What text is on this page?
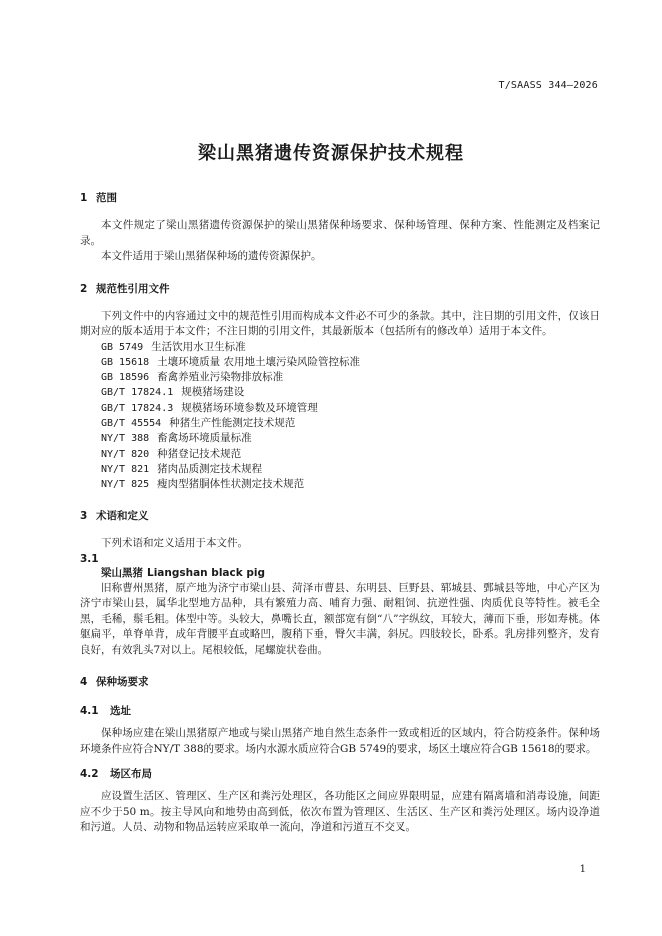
T/SAASS 344—2026
梁山黑猪遗传资源保护技术规程
1 范围

本文件规定了梁山黑猪遗传资源保护的梁山黑猪保种场要求、保种场管理、保种方案、性能测定及档案记录。

本文件适用于梁山黑猪保种场的遗传资源保护。

2 规范性引用文件

下列文件中的内容通过文中的规范性引用而构成本文件必不可少的条款。其中，注日期的引用文件，仅该日期对应的版本适用于本文件；不注日期的引用文件，其最新版本（包括所有的修改单）适用于本文件。

GB 5749 生活饮用水卫生标准
GB 15618 土壤环境质量 农用地土壤污染风险管控标准
GB 18596 畜禽养殖业污染物排放标准
GB/T 17824.1 规模猪场建设
GB/T 17824.3 规模猪场环境参数及环境管理
GB/T 45554 种猪生产性能测定技术规范
NY/T 388 畜禽场环境质量标准
NY/T 820 种猪登记技术规范
NY/T 821 猪肉品质测定技术规程
NY/T 825 瘦肉型猪胴体性状测定技术规范
3 术语和定义

下列术语和定义适用于本文件。

3.1
梁山黑猪 Liangshan black pig

旧称曹州黑猪，原产地为济宁市梁山县、菏泽市曹县、东明县、巨野县、郓城县、鄄城县等地，中心产区为济宁市梁山县，属华北型地方品种，具有繁殖力高、哺育力强、耐粗饲、抗逆性强、肉质优良等特性。被毛全黑，毛稀，鬃毛粗。体型中等。头较大，鼻嘴长直，额部宽有倒“八”字纵纹，耳较大，薄而下垂，形如寿桃。体躯扁平，单脊单背，成年背腰平直或略凹，腹稍下垂，臀欠丰满，斜尻。四肢较长，卧系。乳房排列整齐，发育良好，有效乳头7对以上。尾根较低，尾螺旋状卷曲。

4 保种场要求
4.1 选址

保种场应建在梁山黑猪原产地或与梁山黑猪产地自然生态条件一致或相近的区域内，符合防疫条件。保种场环境条件应符合NY/T 388的要求。场内水源水质应符合GB 5749的要求，场区土壤应符合GB 15618的要求。

4.2 场区布局

应设置生活区、管理区、生产区和粪污处理区，各功能区之间应界限明显，应建有隔离墙和消毒设施，间距应不少于50 m。按主导风向和地势由高到低，依次布置为管理区、生活区、生产区和粪污处理区。场内设净道和污道。人员、动物和物品运转应采取单一流向，净道和污道互不交叉。

1
